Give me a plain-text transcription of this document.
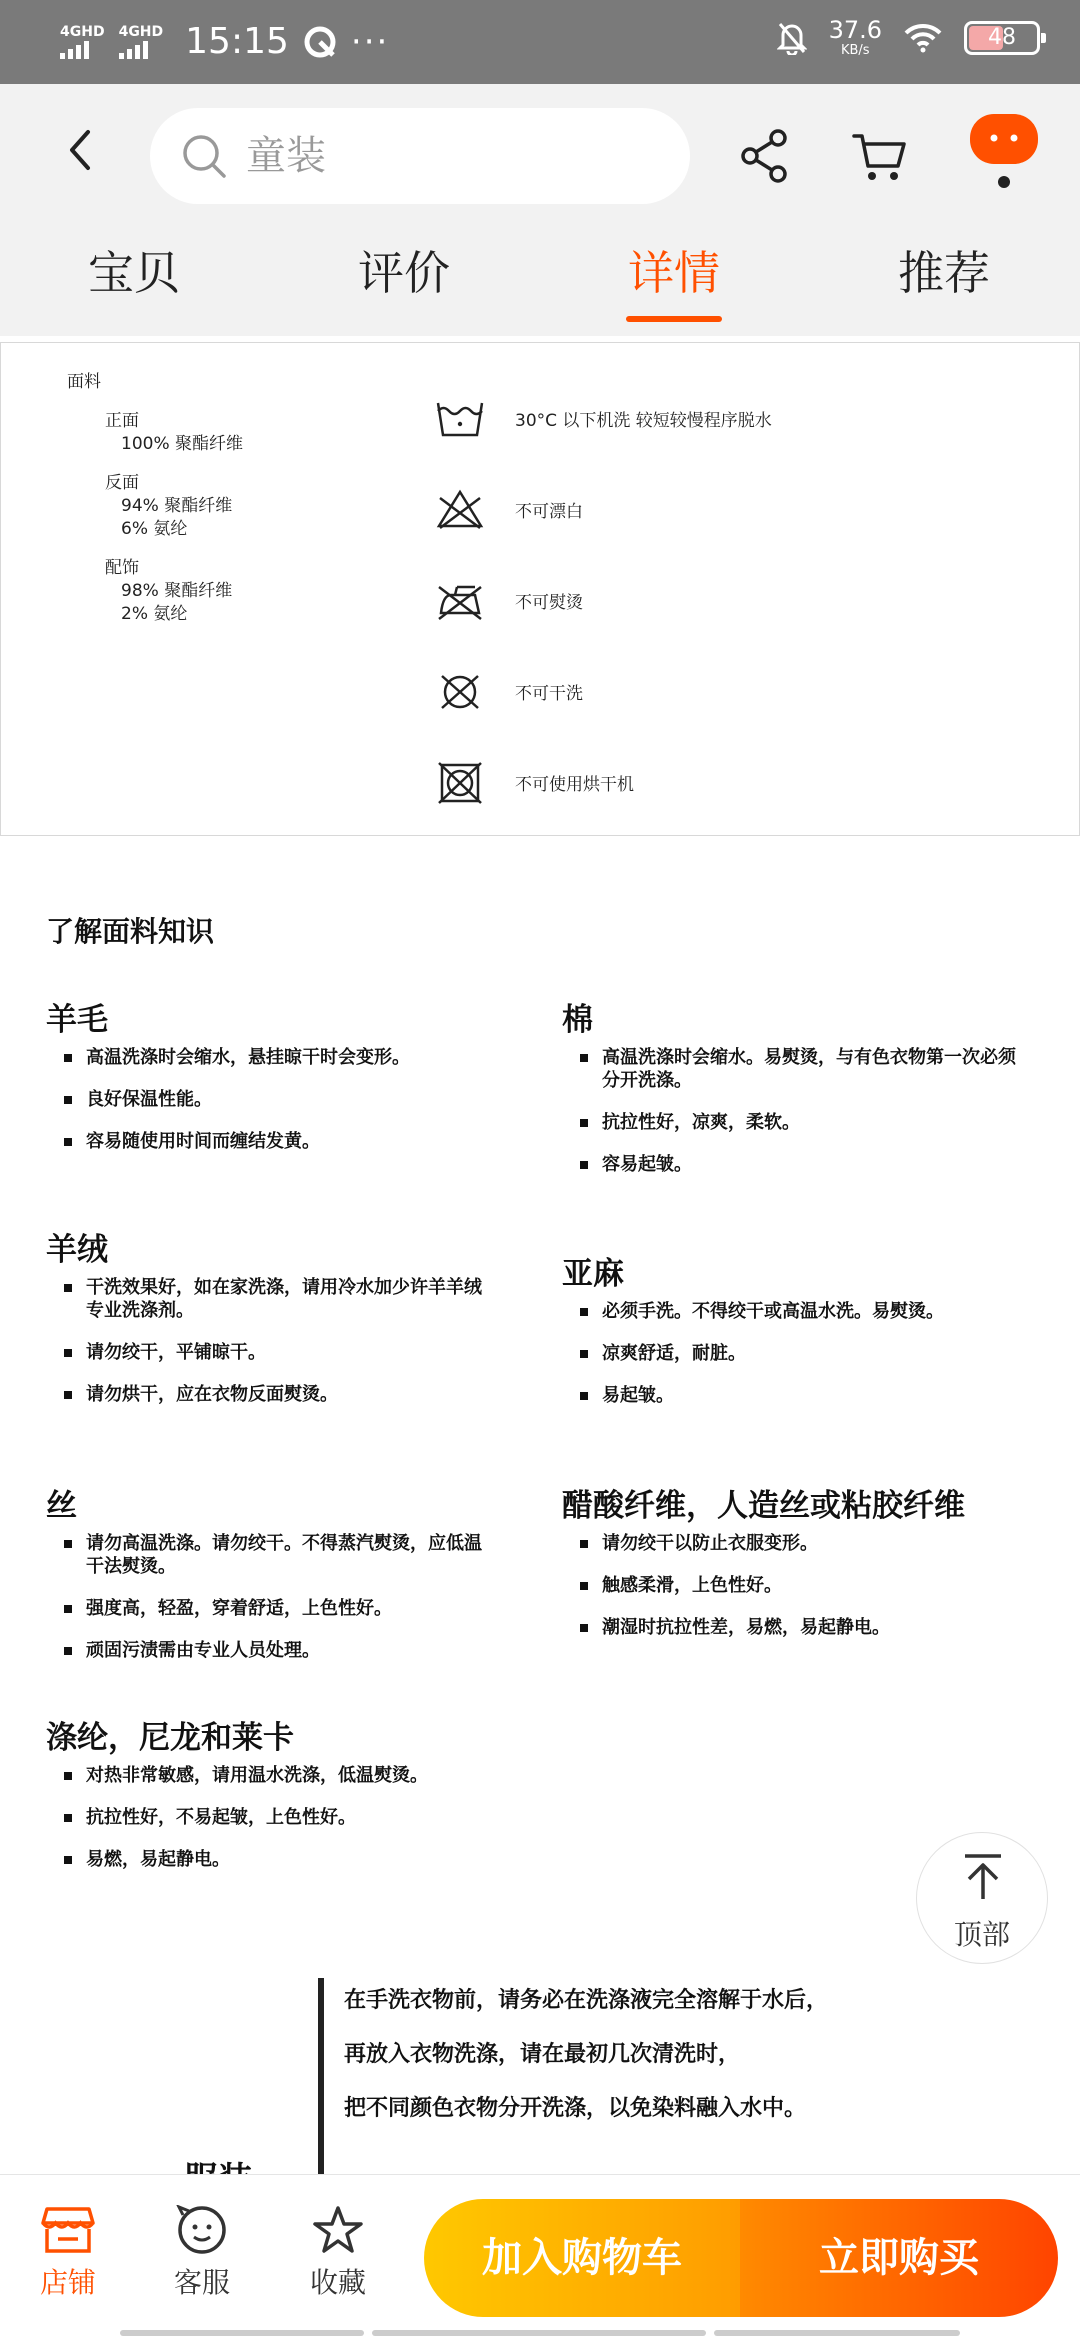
4GHD 4GHD 15:15 ···	37.6
KB/s
48
童装
宝贝	评价	详情	推荐
面料
正面
100% 聚酯纤维
反面
94% 聚酯纤维
6% 氨纶
配饰
98% 聚酯纤维
2% 氨纶
30°C 以下机洗 较短较慢程序脱水
不可漂白
不可熨烫
不可干洗
不可使用烘干机
了解面料知识
羊毛
高温洗涤时会缩水，悬挂晾干时会变形。
良好保温性能。
容易随使用时间而缠结发黄。
棉
高温洗涤时会缩水。易熨烫，与有色衣物第一次必须分开洗涤。
抗拉性好，凉爽，柔软。
容易起皱。
羊绒
干洗效果好，如在家洗涤，请用冷水加少许羊羊绒专业洗涤剂。
请勿绞干，平铺晾干。
请勿烘干，应在衣物反面熨烫。
亚麻
必须手洗。不得绞干或高温水洗。易熨烫。
凉爽舒适，耐脏。
易起皱。
丝
请勿高温洗涤。请勿绞干。不得蒸汽熨烫，应低温干法熨烫。
强度高，轻盈，穿着舒适，上色性好。
顽固污渍需由专业人员处理。
醋酸纤维，人造丝或粘胶纤维
请勿绞干以防止衣服变形。
触感柔滑，上色性好。
潮湿时抗拉性差，易燃，易起静电。
涤纶，尼龙和莱卡
对热非常敏感，请用温水洗涤，低温熨烫。
抗拉性好，不易起皱，上色性好。
易燃，易起静电。
顶部
在手洗衣物前，请务必在洗涤液完全溶解于水后，
再放入衣物洗涤，请在最初几次清洗时，
把不同颜色衣物分开洗涤，以免染料融入水中。
店铺	客服	收藏
加入购物车	立即购买
